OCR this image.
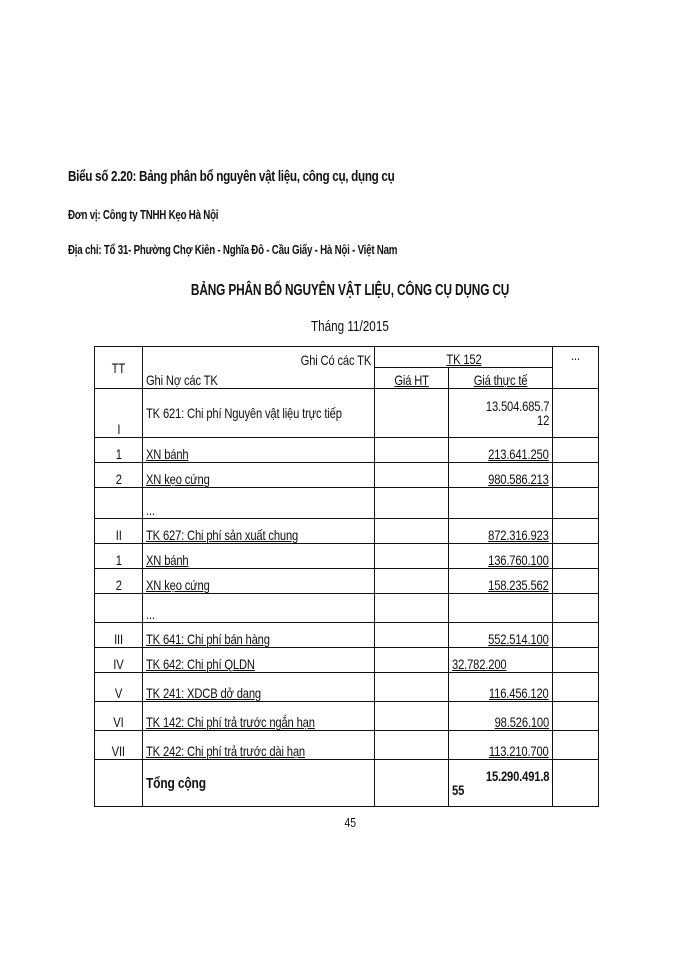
Biểu số 2.20: Bảng phân bổ nguyên vật liệu, công cụ, dụng cụ
Đơn vị: Công ty TNHH Kẹo Hà Nội
Địa chỉ: Tổ 31- Phường Chợ Kiên - Nghĩa Đô - Cầu Giấy - Hà Nội - Việt Nam
BẢNG PHÂN BỔ NGUYÊN VẬT LIỆU, CÔNG CỤ DỤNG CỤ
Tháng 11/2015
TT	Ghi Có các TK	TK 152		...
	Ghi Nợ các TK	Giá HT	Giá thực tế	
I	TK 621: Chi phí Nguyên vật liệu trực tiếp		13.504.685.7
12	

1	XN bánh		213.641.250	
2	XN kẹo cứng		980.586.213	
	...			
II	TK 627: Chi phí sản xuất chung		872.316.923	
1	XN bánh		136.760.100	
2	XN kẹo cứng		158.235.562	
	...			
III	TK 641: Chi phí bán hàng		552.514.100	
IV	TK 642: Chi phí QLDN		32.782.200	
V	TK 241: XDCB dở dang		116.456.120	
VI	TK 142: Chi phí trả trước ngắn hạn		98.526.100	
VII	TK 242: Chi phí trả trước dài hạn		113.210.700	
	Tổng cộng		15.290.491.8
55	

45
